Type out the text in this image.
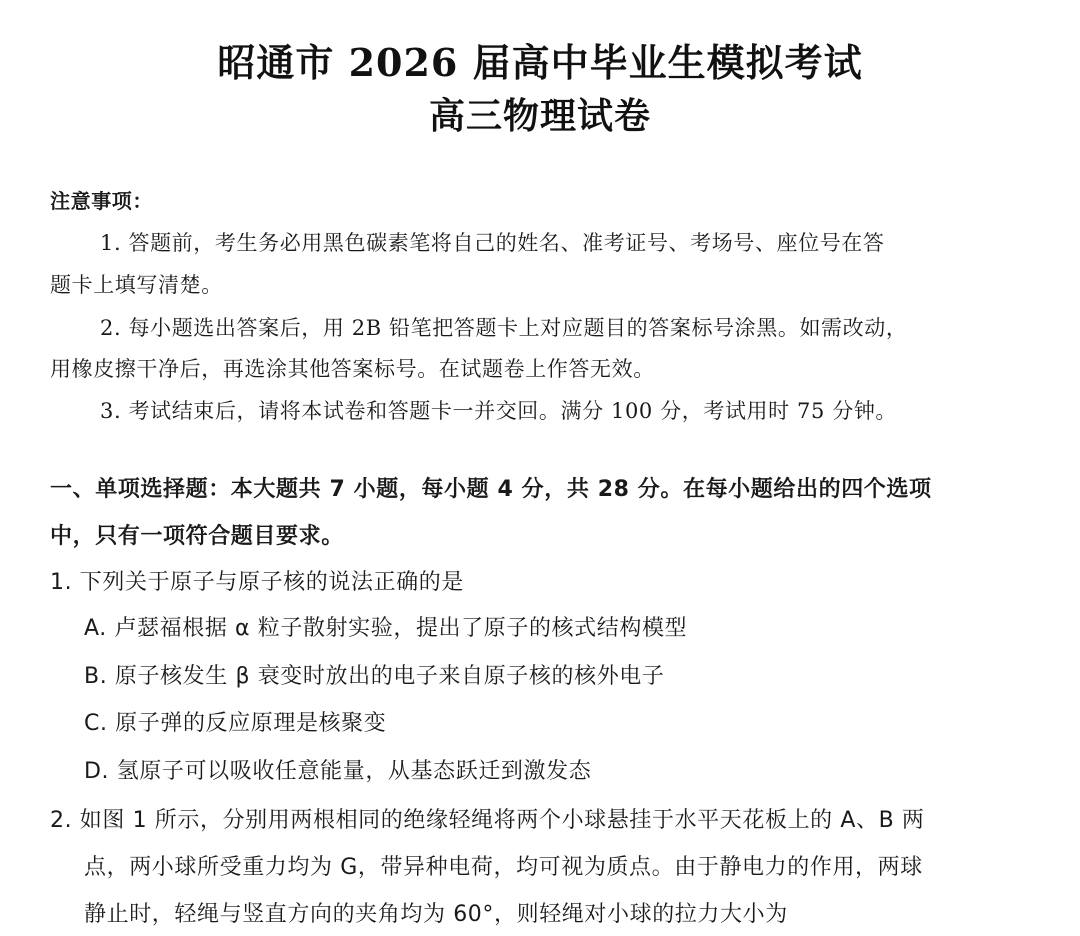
昭通市 2026 届高中毕业生模拟考试
高三物理试卷
注意事项：
1. 答题前，考生务必用黑色碳素笔将自己的姓名、准考证号、考场号、座位号在答
题卡上填写清楚。
2. 每小题选出答案后，用 2B 铅笔把答题卡上对应题目的答案标号涂黑。如需改动，
用橡皮擦干净后，再选涂其他答案标号。在试题卷上作答无效。
3. 考试结束后，请将本试卷和答题卡一并交回。满分 100 分，考试用时 75 分钟。
一、单项选择题：本大题共 7 小题，每小题 4 分，共 28 分。在每小题给出的四个选项
中，只有一项符合题目要求。
1. 下列关于原子与原子核的说法正确的是
A. 卢瑟福根据 α 粒子散射实验，提出了原子的核式结构模型
B. 原子核发生 β 衰变时放出的电子来自原子核的核外电子
C. 原子弹的反应原理是核聚变
D. 氢原子可以吸收任意能量，从基态跃迁到激发态
2. 如图 1 所示，分别用两根相同的绝缘轻绳将两个小球悬挂于水平天花板上的 A、B 两
点，两小球所受重力均为 G，带异种电荷，均可视为质点。由于静电力的作用，两球
静止时，轻绳与竖直方向的夹角均为 60°，则轻绳对小球的拉力大小为
